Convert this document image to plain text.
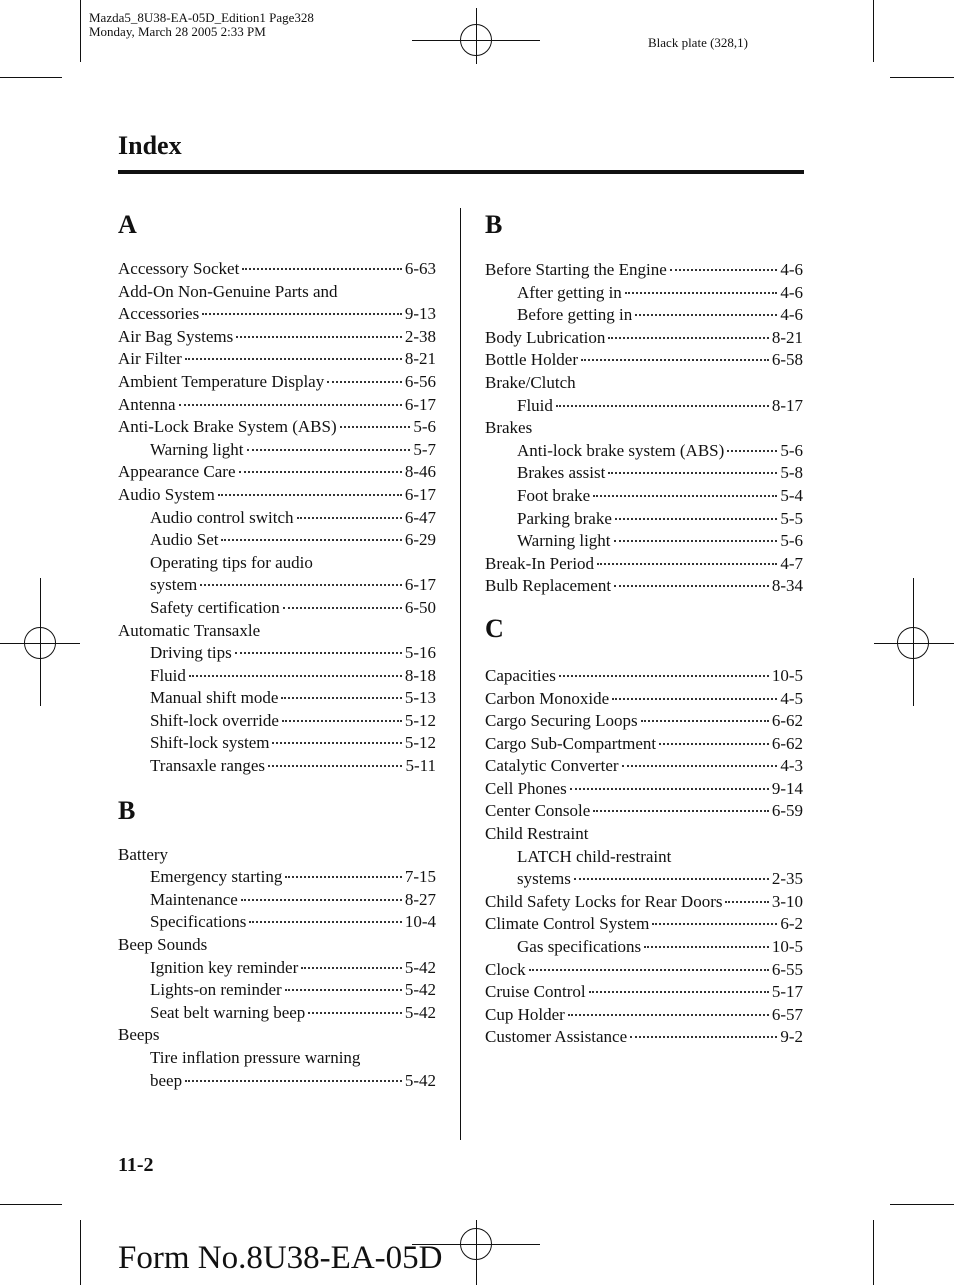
Mazda5_8U38-EA-05D_Edition1 Page328
Monday, March 28 2005 2:33 PM
Black plate (328,1)
Index
A
Accessory Socket	6-63
Add-On Non-Genuine Parts and
Accessories	9-13
Air Bag Systems	2-38
Air Filter	8-21
Ambient Temperature Display	6-56
Antenna	6-17
Anti-Lock Brake System (ABS)	5-6
Warning light	5-7
Appearance Care	8-46
Audio System	6-17
Audio control switch	6-47
Audio Set	6-29
Operating tips for audio
system	6-17
Safety certification	6-50
Automatic Transaxle
Driving tips	5-16
Fluid	8-18
Manual shift mode	5-13
Shift-lock override	5-12
Shift-lock system	5-12
Transaxle ranges	5-11
B
Battery
Emergency starting	7-15
Maintenance	8-27
Specifications	10-4
Beep Sounds
Ignition key reminder	5-42
Lights-on reminder	5-42
Seat belt warning beep	5-42
Beeps
Tire inflation pressure warning
beep	5-42
B
Before Starting the Engine	4-6
After getting in	4-6
Before getting in	4-6
Body Lubrication	8-21
Bottle Holder	6-58
Brake/Clutch
Fluid	8-17
Brakes
Anti-lock brake system (ABS)	5-6
Brakes assist	5-8
Foot brake	5-4
Parking brake	5-5
Warning light	5-6
Break-In Period	4-7
Bulb Replacement	8-34
C
Capacities	10-5
Carbon Monoxide	4-5
Cargo Securing Loops	6-62
Cargo Sub-Compartment	6-62
Catalytic Converter	4-3
Cell Phones	9-14
Center Console	6-59
Child Restraint
LATCH child-restraint
systems	2-35
Child Safety Locks for Rear Doors	3-10
Climate Control System	6-2
Gas specifications	10-5
Clock	6-55
Cruise Control	5-17
Cup Holder	6-57
Customer Assistance	9-2
11-2
Form No.8U38-EA-05D
